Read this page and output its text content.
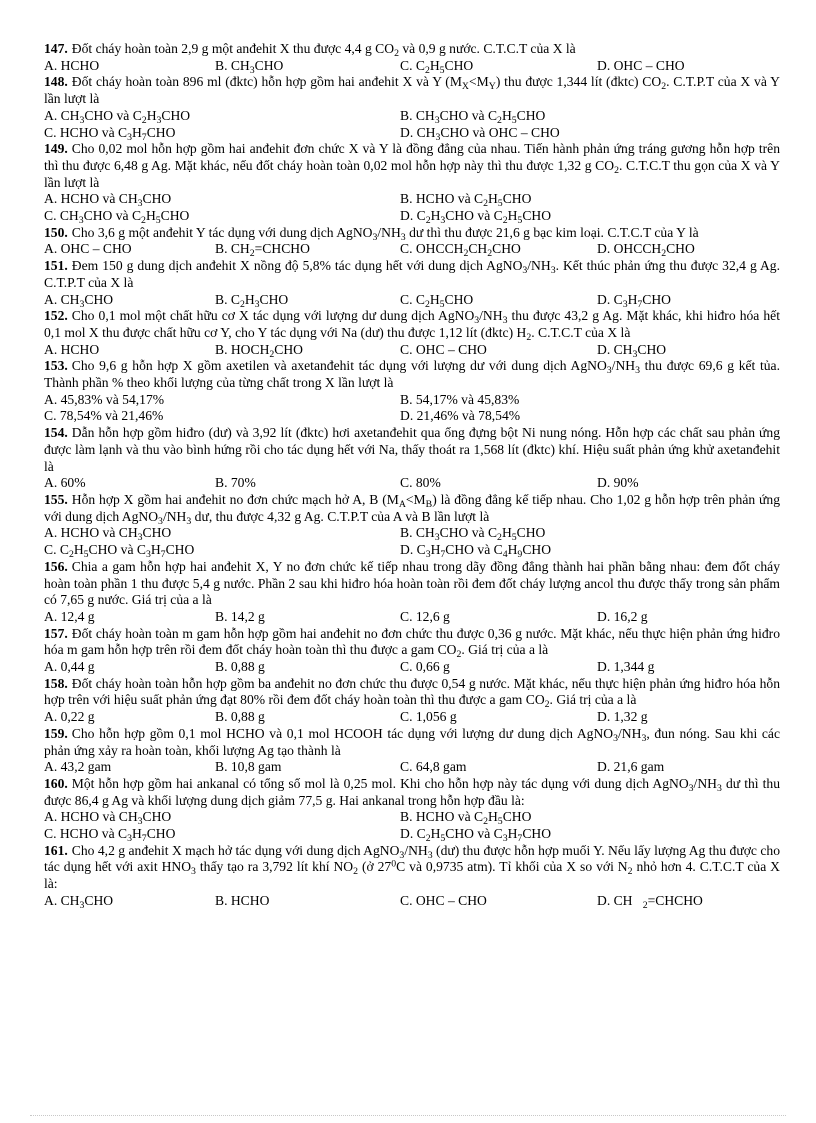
147. Đốt cháy hoàn toàn 2,9 g một anđehit X thu được 4,4 g $CO_2$ và 0,9 g nước. C.T.C.T của X là
A. HCHO	B. $CH_3CHO$	C. $C_2H_5CHO$	D. OHC – CHO
148. Đốt cháy hoàn toàn 896 ml (đktc) hỗn hợp gồm hai anđehit X và Y $(M_X<M_Y)$ thu được 1,344 lít (đktc) $CO_2$. C.T.P.T của X và Y lần lượt là
A. $CH_3CHO$ và $C_2H_3CHO$	B. $CH_3CHO$ và $C_2H_5CHO$
C. HCHO và $C_3H_7CHO$	D. $CH_3CHO$ và OHC – CHO
149. Cho 0,02 mol hỗn hợp gồm hai anđehit đơn chức X và Y là đồng đẳng của nhau. Tiến hành phản ứng tráng gương hỗn hợp trên thì thu được 6,48 g Ag. Mặt khác, nếu đốt cháy hoàn toàn 0,02 mol hỗn hợp này thì thu được 1,32 g $CO_2$. C.T.C.T thu gọn của X và Y lần lượt là
A. HCHO và $CH_3CHO$	B. HCHO và $C_2H_5CHO$
C. $CH_3CHO$ và $C_2H_5CHO$	D. $C_2H_3CHO$ và $C_2H_5CHO$
150. Cho 3,6 g một anđehit Y tác dụng với dung dịch $AgNO_3/NH_3$ dư thì thu được 21,6 g bạc kim loại. C.T.C.T của Y là
A. OHC – CHO	B. $CH_2=CHCHO$	C. $OHCCH_2CH_2CHO$	D. $OHCCH_2CHO$
151. Đem 150 g dung dịch anđehit X nồng độ 5,8% tác dụng hết với dung dịch $AgNO_3/NH_3$. Kết thúc phản ứng thu được 32,4 g Ag. C.T.P.T của X là
A. $CH_3CHO$	B. $C_2H_3CHO$	C. $C_2H_5CHO$	D. $C_3H_7CHO$
152. Cho 0,1 mol một chất hữu cơ X tác dụng với lượng dư dung dịch $AgNO_3/NH_3$ thu được 43,2 g Ag. Mặt khác, khi hiđro hóa hết 0,1 mol X thu được chất hữu cơ Y, cho Y tác dụng với Na (dư) thu được 1,12 lít (đktc) $H_2$. C.T.C.T của X là
A. HCHO	B. $HOCH_2CHO$	C. OHC – CHO	D. $CH_3CHO$
153. Cho 9,6 g hỗn hợp X gồm axetilen và axetanđehit tác dụng với lượng dư với dung dịch $AgNO_3/NH_3$ thu được 69,6 g kết tủa. Thành phần % theo khối lượng của từng chất trong X lần lượt là
A. 45,83% và 54,17%	B. 54,17% và 45,83%
C. 78,54% và 21,46%	D. 21,46% và 78,54%
154. Dẫn hỗn hợp gồm hiđro (dư) và 3,92 lít (đktc) hơi axetanđehit qua ống đựng bột Ni nung nóng. Hỗn hợp các chất sau phản ứng được làm lạnh và thu vào bình hứng rồi cho tác dụng hết với Na, thấy thoát ra 1,568 lít (đktc) khí. Hiệu suất phản ứng khử axetanđehit là
A. 60%	B. 70%	C. 80%	D. 90%
155. Hỗn hợp X gồm hai anđehit no đơn chức mạch hở A, B $(M_A<M_B)$ là đồng đẳng kế tiếp nhau. Cho 1,02 g hỗn hợp trên phản ứng với dung dịch $AgNO_3/NH_3$ dư, thu được 4,32 g Ag. C.T.P.T của A và B lần lượt là
A. HCHO và $CH_3CHO$	B. $CH_3CHO$ và $C_2H_5CHO$
C. $C_2H_5CHO$ và $C_3H_7CHO$	D. $C_3H_7CHO$ và $C_4H_9CHO$
156. Chia a gam hỗn hợp hai anđehit X, Y no đơn chức kế tiếp nhau trong dãy đồng đẳng thành hai phần bằng nhau: đem đốt cháy hoàn toàn phần 1 thu được 5,4 g nước. Phần 2 sau khi hiđro hóa hoàn toàn rồi đem đốt cháy lượng ancol thu được thấy trong sản phẩm có 7,65 g nước. Giá trị của a là
A. 12,4 g	B. 14,2 g	C. 12,6 g	D. 16,2 g
157. Đốt cháy hoàn toàn m gam hỗn hợp gồm hai anđehit no đơn chức thu được 0,36 g nước. Mặt khác, nếu thực hiện phản ứng hiđro hóa m gam hỗn hợp trên rồi đem đốt cháy hoàn toàn thì thu được a gam $CO_2$. Giá trị của a là
A. 0,44 g	B. 0,88 g	C. 0,66 g	D. 1,344 g
158. Đốt cháy hoàn toàn hỗn hợp gồm ba anđehit no đơn chức thu được 0,54 g nước. Mặt khác, nếu thực hiện phản ứng hiđro hóa hỗn hợp trên với hiệu suất phản ứng đạt 80% rồi đem đốt cháy hoàn toàn thì thu được a gam $CO_2$. Giá trị của a là
A. 0,22 g	B. 0,88 g	C. 1,056 g	D. 1,32 g
159. Cho hỗn hợp gồm 0,1 mol HCHO và 0,1 mol HCOOH tác dụng với lượng dư dung dịch $AgNO_3/NH_3$, đun nóng. Sau khi các phản ứng xảy ra hoàn toàn, khối lượng Ag tạo thành là
A. 43,2 gam	B. 10,8 gam	C. 64,8 gam	D. 21,6 gam
160. Một hỗn hợp gồm hai ankanal có tổng số mol là 0,25 mol. Khi cho hỗn hợp này tác dụng với dung dịch $AgNO_3/NH_3$ dư thì thu được 86,4 g Ag và khối lượng dung dịch giảm 77,5 g. Hai ankanal trong hỗn hợp đầu là:
A. HCHO và $CH_3CHO$	B. HCHO và $C_2H_5CHO$
C. HCHO và $C_3H_7CHO$	D. $C_2H_5CHO$ và $C_3H_7CHO$
161. Cho 4,2 g anđehit X mạch hở tác dụng với dung dịch $AgNO_3/NH_3$ (dư) thu được hỗn hợp muối Y. Nếu lấy lượng Ag thu được cho tác dụng hết với axit $HNO_3$ thấy tạo ra 3,792 lít khí $NO_2$ (ở $27^0C$ và 0,9735 atm). Tỉ khối của X so với $N_2$ nhỏ hơn 4. C.T.C.T của X là:
A. $CH_3CHO$	B. HCHO	C. OHC – CHO	D. CH   $_2$=CHCHO
